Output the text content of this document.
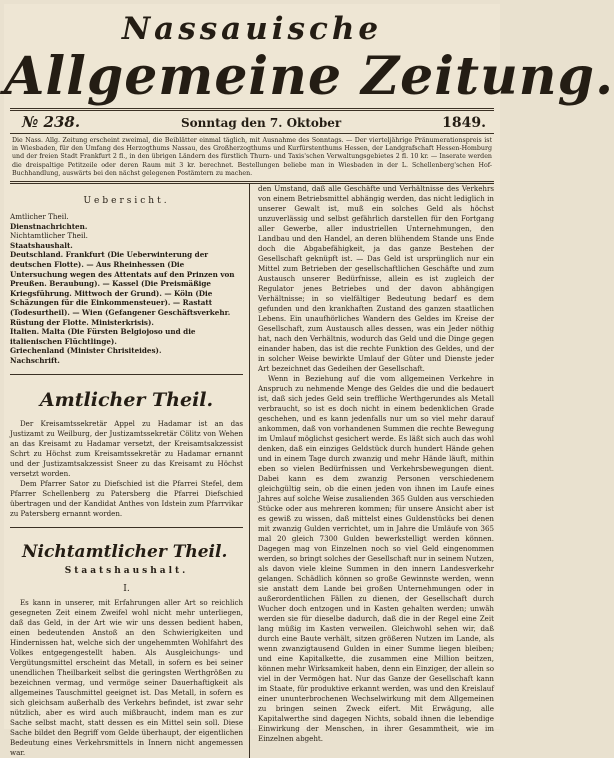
Nassauische
Allgemeine Zeitung.
№ 238.	Sonntag den 7. Oktober	1849.
Die Nass. Allg. Zeitung erscheint zweimal, die Beiblätter einmal täglich, mit Ausnahme des Sonntags. — Der vierteljährige Pränumerationspreis ist in Wiesbaden, für den Umfang des Herzogthums Nassau, des Großherzogthums und Kurfürstenthums Hessen, der Landgrafschaft Hessen-Homburg und der freien Stadt Frankfurt 2 fl., in den übrigen Ländern des fürstlich Thurn- und Taxis'schen Verwaltungsgebietes 2 fl. 10 kr. — Inserate werden die dreispaltige Petitzeile oder deren Raum mit 3 kr. berechnet. Bestellungen beliebe man in Wiesbaden in der L. Schellenberg'schen Hof-Buchhandlung, auswärts bei den nächst gelegenen Postämtern zu machen.
Uebersicht.
Amtlicher Theil.
Dienstnachrichten.
Nichtamtlicher Theil.
Staatshaushalt.
Deutschland. Frankfurt (Die Ueberwinterung der deutschen Flotte). — Aus Rheinhessen (Die Untersuchung wegen des Attentats auf den Prinzen von Preußen. Beraubung). — Kassel (Die Preismäßige Kriegsführung. Mittwoch der Grund). — Köln (Die Schäzungen für die Einkommensteuer). — Rastatt (Todesurtheil). — Wien (Gefangener Geschäftsverkehr. Rüstung der Flotte. Ministerkrisis).
Italien. Malta (Die Fürsten Belgiojoso und die italienischen Flüchtlinge).
Griechenland (Minister Chrisiteides).
Nachschrift.
Amtlicher Theil.

Der Kreisamtssekretär Appel zu Hadamar ist an das Justizamt zu Weilburg, der Justizamtssekretär Cölitz von Wehen an das Kreisamt zu Hadamar versetzt, der Kreisamtsakzessist Schrt zu Höchst zum Kreisamtssekretär zu Hadamar ernannt und der Justizamtsakzessist Sneer zu das Kreisamt zu Höchst versetzt worden.

Dem Pfarrer Sator zu Diefschied ist die Pfarrei Stefel, dem Pfarrer Schellenberg zu Patersberg die Pfarrei Diefschied übertragen und der Kandidat Anthes von Idstein zum Pfarrvikar zu Patersberg ernannt worden.

Nichtamtlicher Theil.
Staatshaushalt.
I.

Es kann in unserer, mit Erfahrungen aller Art so reichlich gesegneten Zeit einem Zweifel wohl nicht mehr unterliegen, daß das Geld, in der Art wie wir uns dessen bedient haben, einen bedeutenden Anstoß an den Schwierigkeiten und Hindernissen hat, welche sich der ungehemmten Wohlfahrt des Volkes entgegengestellt haben. Als Ausgleichungs- und Vergütungsmittel erscheint das Metall, in sofern es bei seiner unendlichen Theilbarkeit selbst die geringsten Werthgrößen zu bezeichnen vermag, und vermöge seiner Dauerhaftigkeit als allgemeines Tauschmittel geeignet ist. Das Metall, in sofern es sich gleichsam außerhalb des Verkehrs befindet, ist zwar sehr nützlich, aber es wird auch mißbraucht, indem man es zur Sache selbst macht, statt dessen es ein Mittel sein soll. Diese Sache bildet den Begriff vom Gelde überhaupt, der eigentlichen Bedeutung eines Verkehrsmittels in Innern nicht angemessen war.

den Umstand, daß alle Geschäfte und Verhältnisse des Verkehrs von einem Betriebsmittel abhängig werden, das nicht lediglich in unserer Gewalt ist, muß ein solches Geld als höchst unzuverlässig und selbst gefährlich darstellen für den Fortgang aller Gewerbe, aller industriellen Unternehmungen, den Landbau und den Handel, an deren blühendem Stande uns Ende doch die Abgabefähigkeit, ja das ganze Bestehen der Gesellschaft geknüpft ist. — Das Geld ist ursprünglich nur ein Mittel zum Betrieben der gesellschaftlichen Geschäfte und zum Austausch unserer Bedürfnisse, allein es ist zugleich der Regulator jenes Betriebes und der davon abhängigen Verhältnisse; in so vielfältiger Bedeutung bedarf es dem gefunden und den krankhaften Zustand des ganzen staatlichen Lebens. Ein unaufhörliches Wandern des Geldes im Kreise der Gesellschaft, zum Austausch alles dessen, was ein Jeder nöthig hat, nach den Verhältnis, wodurch das Geld und die Dinge gegen einander haben, das ist die rechte Funktion des Geldes, und der in solcher Weise bewirkte Umlauf der Güter und Dienste jeder Art bezeichnet das Gedeihen der Gesellschaft.

Wenn in Beziehung auf die vom allgemeinen Verkehre in Anspruch zu nehmende Menge des Geldes die und die bedauert ist, daß sich jedes Geld sein treffliche Werthgerundes als Metall verbraucht, so ist es doch nicht in einem bedenklichen Grade geschehen, und es kann jedenfalls nur um so viel mehr darauf ankommen, daß von vorhandenen Summen die rechte Bewegung im Umlauf möglichst gesichert werde. Es läßt sich auch das wohl denken, daß ein einziges Geldstück durch hundert Hände gehen und in einem Tage durch zwanzig und mehr Hände läuft, mithin eben so vielen Bedürfnissen und Verkehrsbewegungen dient. Dabei kann es dem zwanzig Personen verschiedenem gleichgültig sein, ob die einen jeden von ihnen im Laufe eines Jahres auf solche Weise zusalienden 365 Gulden aus verschieden Stücke oder aus mehreren kommen; für unsere Ansicht aber ist es gewiß zu wissen, daß mittelst eines Guldenstücks bei denen mit zwanzig Gulden verrichtet, um in Jahre die Umläufe von 365 mal 20 gleich 7300 Gulden bewerkstelligt werden können. Dagegen mag von Einzelnen noch so viel Geld eingenommen werden, so bringt solches der Gesellschaft nur in seinem Nutzen, als davon viele kleine Summen in den innern Landesverkehr gelangen. Schädlich können so große Gewinnste werden, wenn sie anstatt dem Lande bei großen Unternehmungen oder in außerordentlichen Fällen zu dienen, der Gesellschaft durch Wucher doch entzogen und in Kasten gehalten werden; unwäh werden sie für dieselbe dadurch, daß die in der Regel eine Zeit lang müßig im Kasten verweilen. Gleichwohl sehen wir, daß durch eine Baute verhält, sitzen größeren Nutzen im Lande, als wenn zwanzigtausend Gulden in einer Summe liegen bleiben; und eine Kapitalkette, die zusammen eine Million beitzen, können mehr Wirksamkeit haben, denn ein Einziger, der allein so viel in der Vermögen hat. Nur das Ganze der Gesellschaft kann im Staate, für produktive erkannt werden, was und den Kreislauf einer ununterbrochenen Wechselwirkung mit dem Allgemeinen zu bringen seinen Zweck eifert. Mit Erwägung, alle Kapitalwerthe sind dagegen Nichts, sobald ihnen die lebendige Einwirkung der Menschen, in ihrer Gesammtheit, wie im Einzelnen abgeht.
